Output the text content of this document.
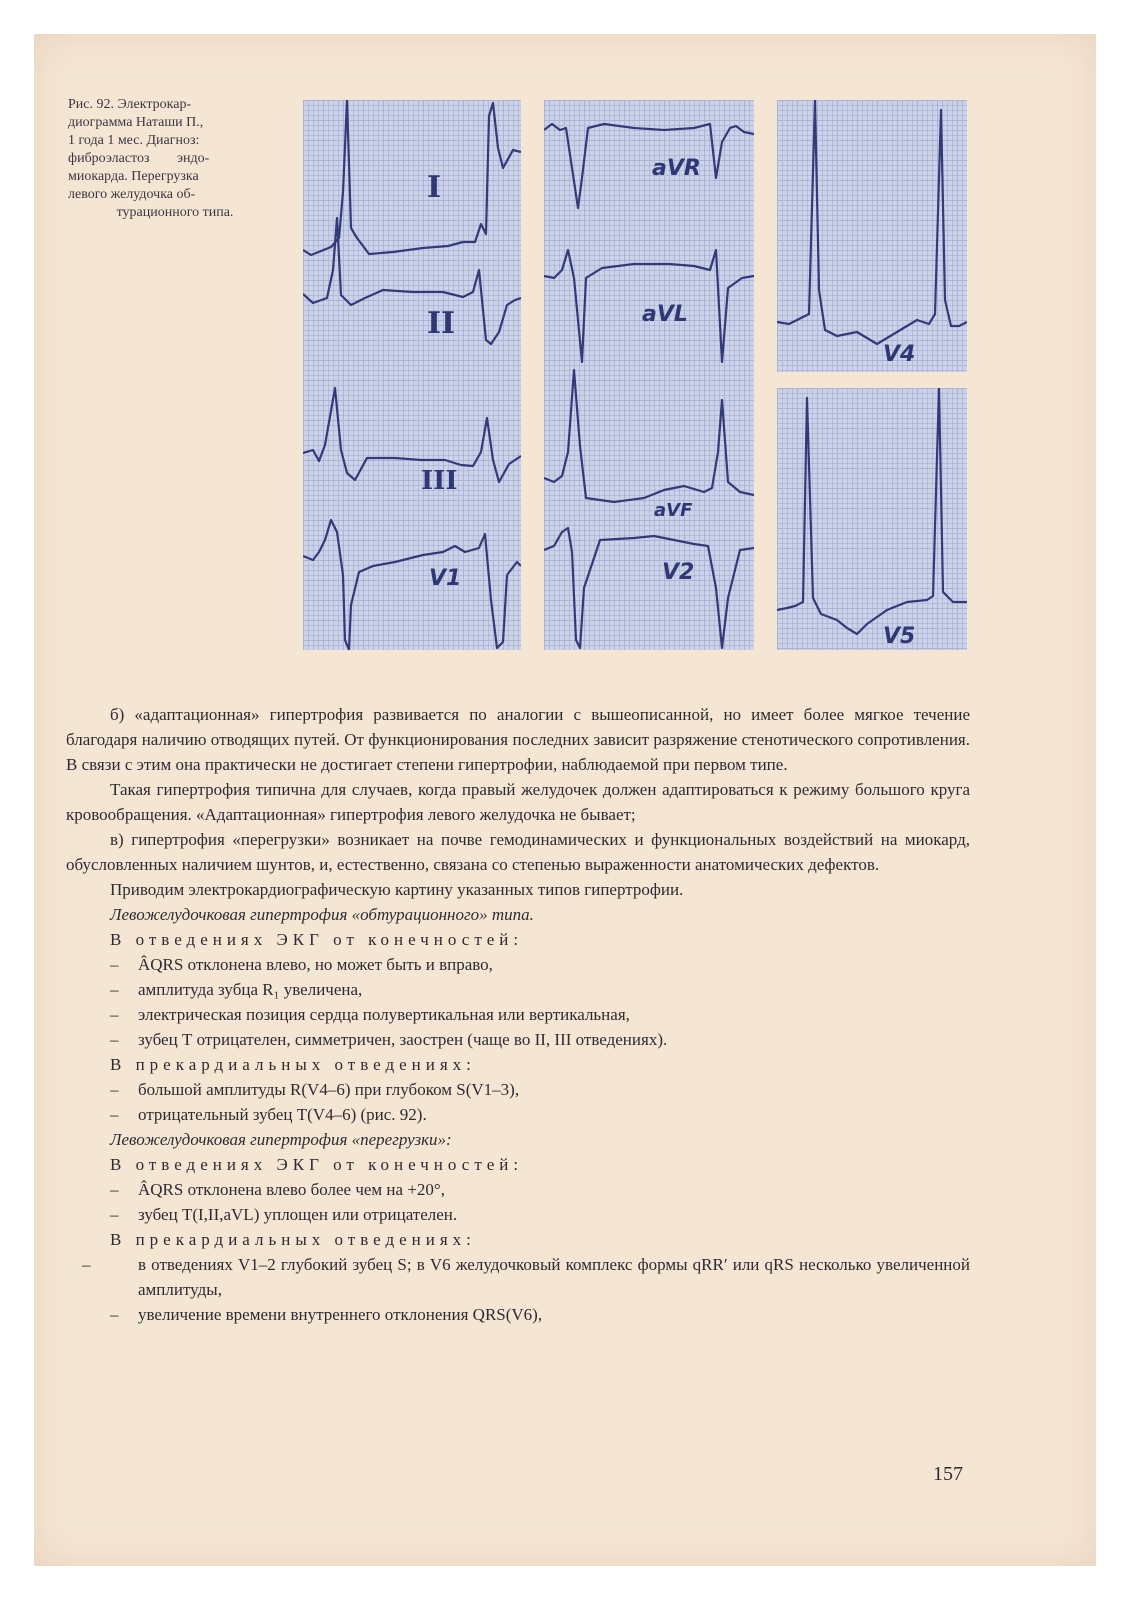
Рис. 92. Электрокар-
диограмма Наташи П.,
1 года 1 мес. Диагноз:
фиброэластоз эндо-
миокарда. Перегрузка
левого желудочка об-
турационного типа.
I
II
III
V1
aVR
aVL
aVF
V2
V4
V5

б) «адаптационная» гипертрофия развивается по аналогии с вышеописанной, но имеет более мягкое течение благодаря наличию отводящих путей. От функционирования последних зависит разряжение стенотического сопротивления. В связи с этим она практически не достигает степени гипертрофии, наблюдаемой при первом типе.

Такая гипертрофия типична для случаев, когда правый желудочек должен адаптироваться к режиму большого круга кровообращения. «Адаптационная» гипертрофия левого желудочка не бывает;

в) гипертрофия «перегрузки» возникает на почве гемодинамических и функциональных воздействий на миокард, обусловленных наличием шунтов, и, естественно, связана со степенью выраженности анатомических дефектов.

Приводим электрокардиографическую картину указанных типов гипертрофии.

Левожелудочковая гипертрофия «обтурационного» типа.

В отведениях ЭКГ от конечностей:

– ÂQRS отклонена влево, но может быть и вправо,

– амплитуда зубца R₁ увеличена,

– электрическая позиция сердца полувертикальная или вертикальная,

– зубец Т отрицателен, симметричен, заострен (чаще во II, III отведениях).

В прекардиальных отведениях:

– большой амплитуды R(V4–6) при глубоком S(V1–3),

– отрицательный зубец T(V4–6) (рис. 92).

Левожелудочковая гипертрофия «перегрузки»:

В отведениях ЭКГ от конечностей:

– ÂQRS отклонена влево более чем на +20°,

– зубец T(I,II,aVL) уплощен или отрицателен.

В прекардиальных отведениях:

–	в отведениях V1–2 глубокий зубец S; в V6 желудочковый комплекс формы qRR′ или qRS несколько увеличенной амплитуды,

– увеличение времени внутреннего отклонения QRS(V6),

157
